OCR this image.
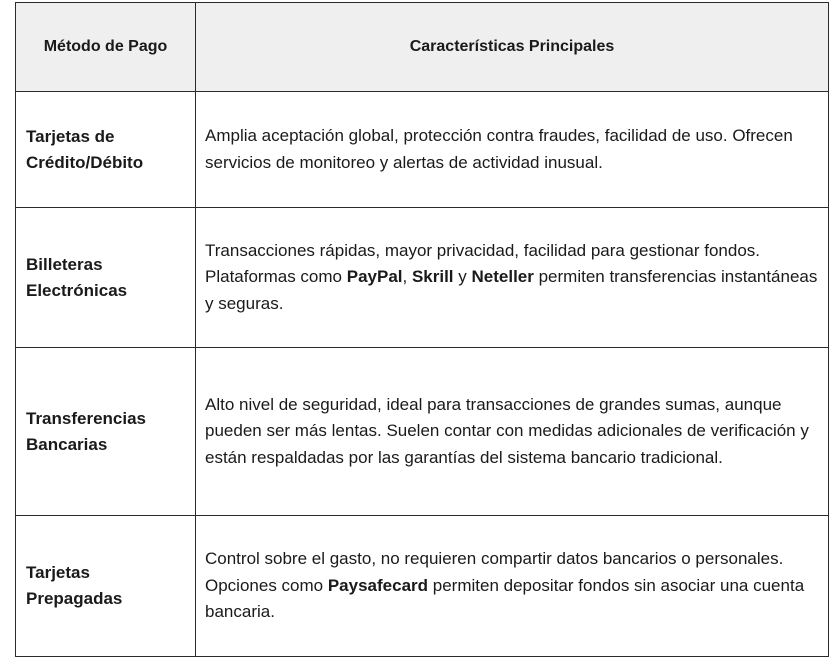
Método de Pago	Características Principales
Tarjetas de
Crédito/Débito	Amplia aceptación global, protección contra fraudes, facilidad de uso. Ofrecen servicios de monitoreo y alertas de actividad inusual.
Billeteras
Electrónicas	Transacciones rápidas, mayor privacidad, facilidad para gestionar fondos. Plataformas como PayPal, Skrill y Neteller permiten transferencias instantáneas y seguras.
Transferencias
Bancarias	Alto nivel de seguridad, ideal para transacciones de grandes sumas, aunque pueden ser más lentas. Suelen contar con medidas adicionales de verificación y están respaldadas por las garantías del sistema bancario tradicional.
Tarjetas
Prepagadas	Control sobre el gasto, no requieren compartir datos bancarios o personales. Opciones como Paysafecard permiten depositar fondos sin asociar una cuenta bancaria.
